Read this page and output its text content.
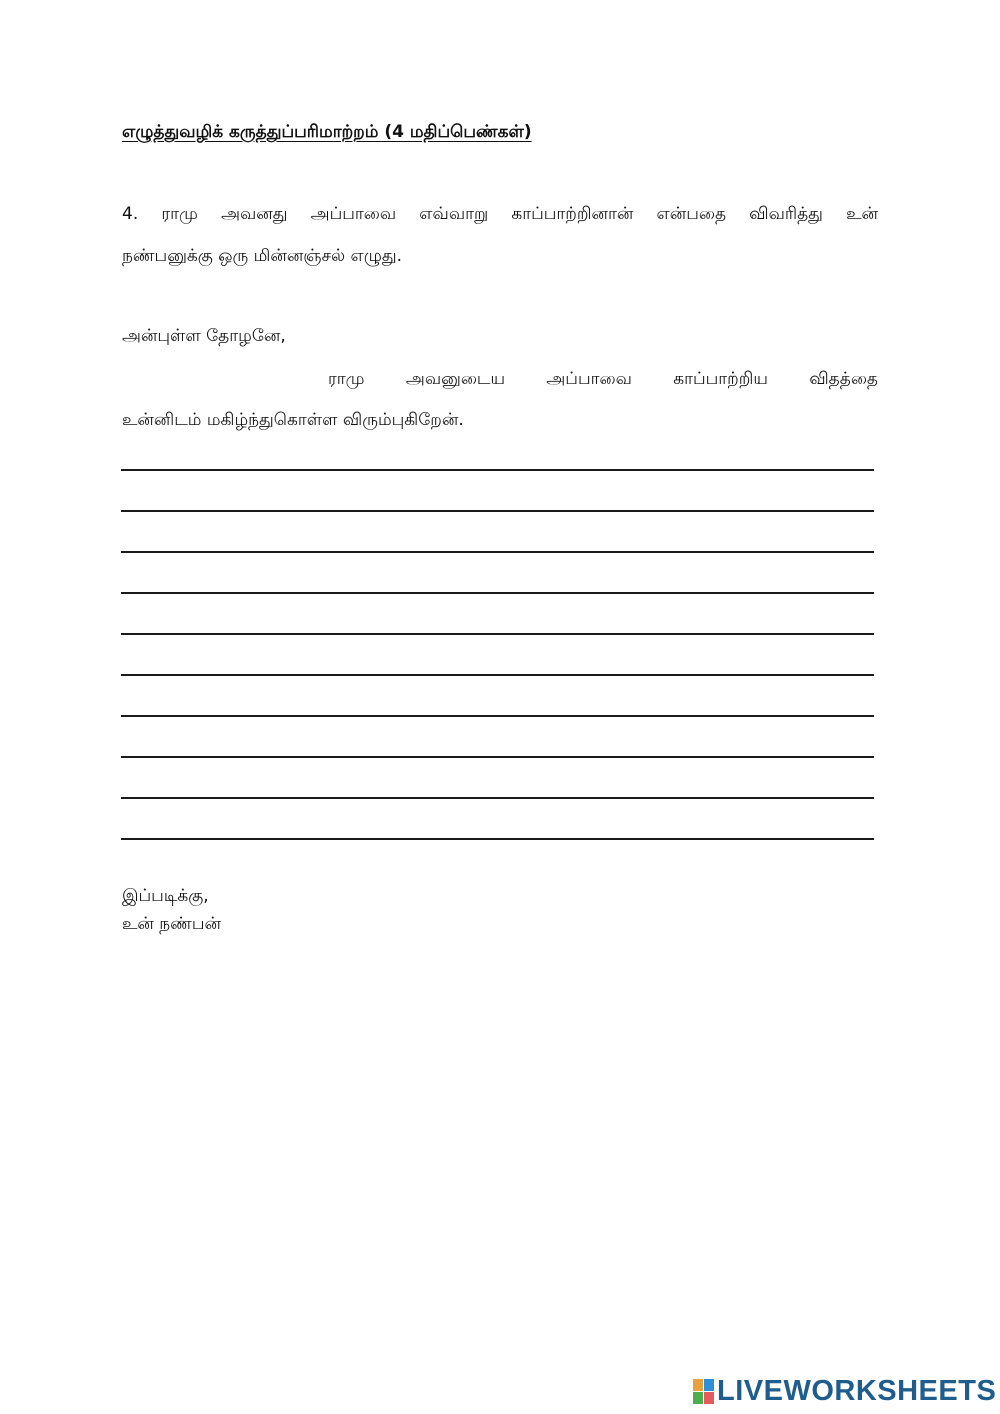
எழுத்துவழிக் கருத்துப்பரிமாற்றம் (4 மதிப்பெண்கள்)
4. ராமு அவனது அப்பாவை எவ்வாறு காப்பாற்றினான் என்பதை விவரித்து உன்
நண்பனுக்கு ஒரு மின்னஞ்சல் எழுது.
அன்புள்ள தோழனே,
ராமு அவனுடைய அப்பாவை காப்பாற்றிய விதத்தை
உன்னிடம் மகிழ்ந்துகொள்ள விரும்புகிறேன்.
இப்படிக்கு,
உன் நண்பன்
LIVEWORKSHEETS
